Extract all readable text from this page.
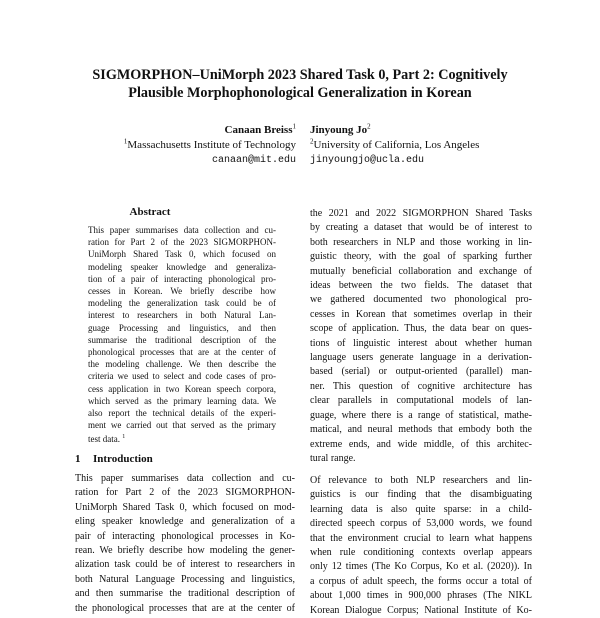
SIGMORPHON–UniMorph 2023 Shared Task 0, Part 2: Cognitively
Plausible Morphophonological Generalization in Korean
Canaan Breiss$^1$
$^1$Massachusetts Institute of Technology
canaan@mit.edu
Jinyoung Jo$^2$
$^2$University of California, Los Angeles
jinyoungjo@ucla.edu
Abstract
This paper summarises data collection and cu-
ration for Part 2 of the 2023 SIGMORPHON-
UniMorph Shared Task 0, which focused on
modeling speaker knowledge and generaliza-
tion of a pair of interacting phonological pro-
cesses in Korean. We briefly describe how
modeling the generalization task could be of
interest to researchers in both Natural Lan-
guage Processing and linguistics, and then
summarise the traditional description of the
phonological processes that are at the center of
the modeling challenge. We then describe the
criteria we used to select and code cases of pro-
cess application in two Korean speech corpora,
which served as the primary learning data. We
also report the technical details of the experi-
ment we carried out that served as the primary
test data. $^1$
1 Introduction
This paper summarises data collection and cu-
ration for Part 2 of the 2023 SIGMORPHON-
UniMorph Shared Task 0, which focused on mod-
eling speaker knowledge and generalization of a
pair of interacting phonological processes in Ko-
rean. We briefly describe how modeling the gener-
alization task could be of interest to researchers in
both Natural Language Processing and linguistics,
and then summarise the traditional description of
the phonological processes that are at the center of
the 2021 and 2022 SIGMORPHON Shared Tasks
by creating a dataset that would be of interest to
both researchers in NLP and those working in lin-
guistic theory, with the goal of sparking further
mutually beneficial collaboration and exchange of
ideas between the two fields. The dataset that
we gathered documented two phonological pro-
cesses in Korean that sometimes overlap in their
scope of application. Thus, the data bear on ques-
tions of linguistic interest about whether human
language users generate language in a derivation-
based (serial) or output-oriented (parallel) man-
ner. This question of cognitive architecture has
clear parallels in computational models of lan-
guage, where there is a range of statistical, mathe-
matical, and neural methods that embody both the
extreme ends, and wide middle, of this architec-
tural range.
Of relevance to both NLP researchers and lin-
guistics is our finding that the disambiguating
learning data is also quite sparse: in a child-
directed speech corpus of 53,000 words, we found
that the environment crucial to learn what happens
when rule conditioning contexts overlap appears
only 12 times (The Ko Corpus, Ko et al. (2020)). In
a corpus of adult speech, the forms occur a total of
about 1,000 times in 900,000 phrases (The NIKL
Korean Dialogue Corpus; National Institute of Ko-
